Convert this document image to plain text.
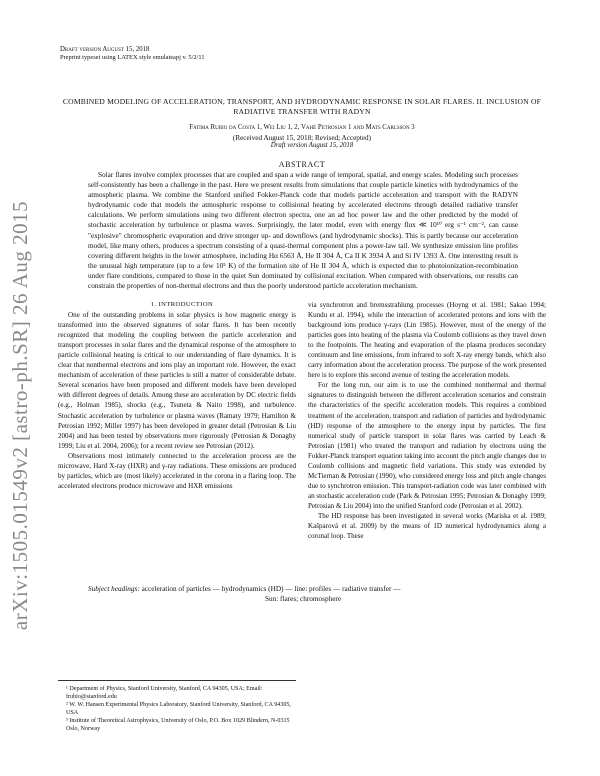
arXiv:1505.01549v2 [astro-ph.SR] 26 Aug 2015
Draft version August 15, 2018
Preprint typeset using LATEX style emulateapj v. 5/2/11
COMBINED MODELING OF ACCELERATION, TRANSPORT, AND HYDRODYNAMIC RESPONSE IN SOLAR FLARES. II. INCLUSION OF RADIATIVE TRANSFER WITH RADYN
Fatima Rubio da Costa 1, Wei Liu 1, 2, Vahé Petrosian 1 and Mats Carlsson 3
(Received August 15, 2018; Revised; Accepted)
Draft version August 15, 2018
ABSTRACT

Solar flares involve complex processes that are coupled and span a wide range of temporal, spatial, and energy scales. Modeling such processes self-consistently has been a challenge in the past. Here we present results from simulations that couple particle kinetics with hydrodynamics of the atmospheric plasma. We combine the Stanford unified Fokker-Planck code that models particle acceleration and transport with the RADYN hydrodynamic code that models the atmospheric response to collisional heating by accelerated electrons through detailed radiative transfer calculations. We perform simulations using two different electron spectra, one an ad hoc power law and the other predicted by the model of stochastic acceleration by turbulence or plasma waves. Surprisingly, the later model, even with energy flux ≪ 10¹⁰ erg s⁻¹ cm⁻², can cause "explosive" chromospheric evaporation and drive stronger up- and downflows (and hydrodynamic shocks). This is partly because our acceleration model, like many others, produces a spectrum consisting of a quasi-thermal component plus a power-law tail. We synthesize emission line profiles covering different heights in the lower atmosphere, including Hα 6563 Å, He II 304 Å, Ca II K 3934 Å and Si IV 1393 Å. One interesting result is the unusual high temperature (up to a few 10⁵ K) of the formation site of He II 304 Å, which is expected due to photoionization-recombination under flare conditions, compared to those in the quiet Sun dominated by collisional excitation. When compared with observations, our results can constrain the properties of non-thermal electrons and thus the poorly understood particle acceleration mechanism.

Subject headings: acceleration of particles — hydrodynamics (HD) — line: profiles — radiative transfer —
Sun: flares; chromosphere

1. INTRODUCTION

One of the outstanding problems in solar physics is how magnetic energy is transformed into the observed signatures of solar flares. It has been recently recognized that modeling the coupling between the particle acceleration and transport processes in solar flares and the dynamical response of the atmosphere to particle collisional heating is critical to our understanding of flare dynamics. It is clear that nonthermal electrons and ions play an important role. However, the exact mechanism of acceleration of these particles is still a matter of considerable debate. Several scenarios have been proposed and different models have been developed with different degrees of details. Among these are acceleration by DC electric fields (e.g., Holman 1985), shocks (e.g., Tsuneta & Naito 1998), and turbulence. Stochastic acceleration by turbulence or plasma waves (Ramaty 1979; Hamilton & Petrosian 1992; Miller 1997) has been developed in greater detail (Petrosian & Liu 2004) and has been tested by observations more rigorously (Petrosian & Donaghy 1999; Liu et al. 2004, 2006); for a recent review see Petrosian (2012).

Observations most intimately connected to the acceleration process are the microwave, Hard X-ray (HXR) and γ-ray radiations. These emissions are produced by particles, which are (most likely) accelerated in the corona in a flaring loop. The accelerated electrons produce microwave and HXR emissions

via synchrotron and bremsstrahlung processes (Hoyng et al. 1981; Sakao 1994; Kundu et al. 1994), while the interaction of accelerated protons and ions with the background ions produce γ-rays (Lin 1985). However, most of the energy of the particles goes into heating of the plasma via Coulomb collisions as they travel down to the footpoints. The heating and evaporation of the plasma produces secondary continuum and line emissions, from infrared to soft X-ray energy bands, which also carry information about the acceleration process. The purpose of the work presented here is to explore this second avenue of testing the acceleration models.

For the long run, our aim is to use the combined nonthermal and thermal signatures to distinguish between the different acceleration scenarios and constrain the characteristics of the specific acceleration models. This requires a combined treatment of the acceleration, transport and radiation of particles and hydrodynamic (HD) response of the atmosphere to the energy input by particles. The first numerical study of particle transport in solar flares was carried by Leach & Petrosian (1981) who treated the transport and radiation by electrons using the Fokker-Planck transport equation taking into account the pitch angle changes due to Coulomb collisions and magnetic field variations. This study was extended by McTiernan & Petrosian (1990), who considered energy loss and pitch angle changes due to synchrotron emission. This transport-radiation code was later combined with an stochastic acceleration code (Park & Petrosian 1995; Petrosian & Donaghy 1999; Petrosian & Liu 2004) into the unified Stanford code (Petrosian et al. 2002).

The HD response has been investigated in several works (Mariska et al. 1989; Kašparová et al. 2009) by the means of 1D numerical hydrodynamics along a coronal loop. These

¹ Department of Physics, Stanford University, Stanford, CA 94305, USA; Email: frubio@stanford.edu
² W. W. Hansen Experimental Physics Laboratory, Stanford University, Stanford, CA 94305, USA
³ Institute of Theoretical Astrophysics, University of Oslo, P.O. Box 1029 Blindern, N-0315 Oslo, Norway
